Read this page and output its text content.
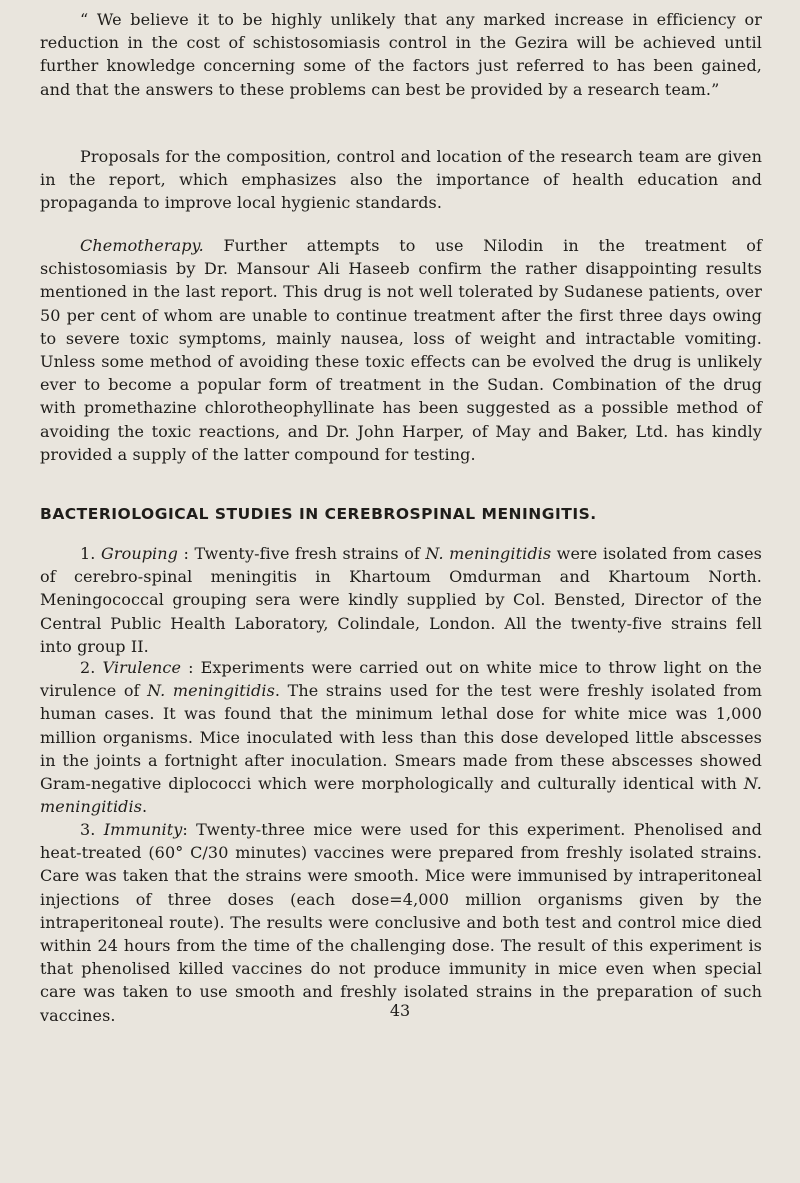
“ We believe it to be highly unlikely that any marked increase in efficiency or reduction in the cost of schistosomiasis control in the Gezira will be achieved until further knowledge concerning some of the factors just referred to has been gained, and that the answers to these problems can best be provided by a research team.”

Proposals for the composition, control and location of the research team are given in the report, which emphasizes also the importance of health education and propaganda to improve local hygienic standards.

Chemotherapy. Further attempts to use Nilodin in the treatment of schistosomiasis by Dr. Mansour Ali Haseeb confirm the rather disappointing results mentioned in the last report. This drug is not well tolerated by Sudanese patients, over 50 per cent of whom are unable to continue treatment after the first three days owing to severe toxic symptoms, mainly nausea, loss of weight and intractable vomiting. Unless some method of avoiding these toxic effects can be evolved the drug is unlikely ever to become a popular form of treatment in the Sudan. Combination of the drug with promethazine chlorotheophyllinate has been suggested as a possible method of avoiding the toxic reactions, and Dr. John Harper, of May and Baker, Ltd. has kindly provided a supply of the latter compound for testing.

BACTERIOLOGICAL STUDIES IN CEREBROSPINAL MENINGITIS.

1. Grouping : Twenty-five fresh strains of N. meningitidis were isolated from cases of cerebro-spinal meningitis in Khartoum Omdurman and Khartoum North. Meningococcal grouping sera were kindly supplied by Col. Bensted, Director of the Central Public Health Laboratory, Colindale, London. All the twenty-five strains fell into group II.

2. Virulence : Experiments were carried out on white mice to throw light on the virulence of N. meningitidis. The strains used for the test were freshly isolated from human cases. It was found that the minimum lethal dose for white mice was 1,000 million organisms. Mice inoculated with less than this dose developed little abscesses in the joints a fortnight after inoculation. Smears made from these abscesses showed Gram-negative diplococci which were morphologically and culturally identical with N. meningitidis.

3. Immunity: Twenty-three mice were used for this experiment. Phenolised and heat-treated (60° C/30 minutes) vaccines were prepared from freshly isolated strains. Care was taken that the strains were smooth. Mice were immunised by intraperitoneal injections of three doses (each dose=4,000 million organisms given by the intraperitoneal route). The results were conclusive and both test and control mice died within 24 hours from the time of the challenging dose. The result of this experiment is that phenolised killed vaccines do not produce immunity in mice even when special care was taken to use smooth and freshly isolated strains in the preparation of such vaccines.	43
